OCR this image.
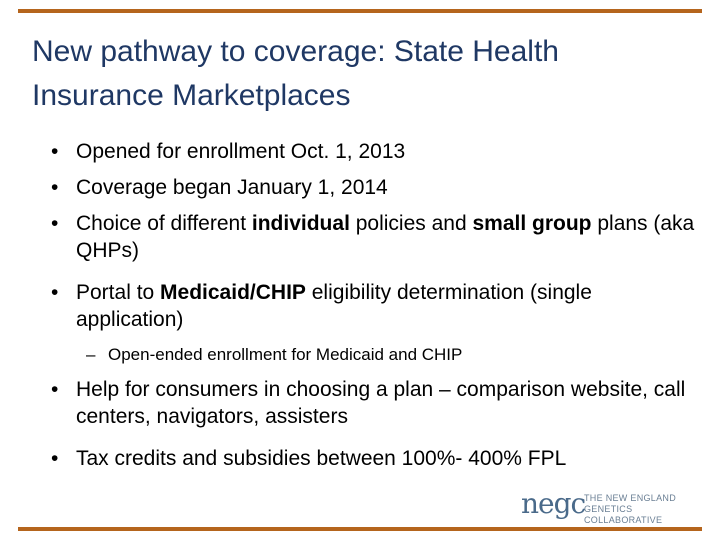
New pathway to coverage: State Health Insurance Marketplaces
• Opened for enrollment Oct. 1, 2013
• Coverage began January 1, 2014
• Choice of different individual policies and small group plans (aka QHPs)
• Portal to Medicaid/CHIP eligibility determination (single application)
– Open-ended enrollment for Medicaid and CHIP
• Help for consumers in choosing a plan – comparison website, call centers, navigators, assisters
• Tax credits and subsidies between 100%- 400% FPL
negc
THE NEW ENGLAND
GENETICS COLLABORATIVE
